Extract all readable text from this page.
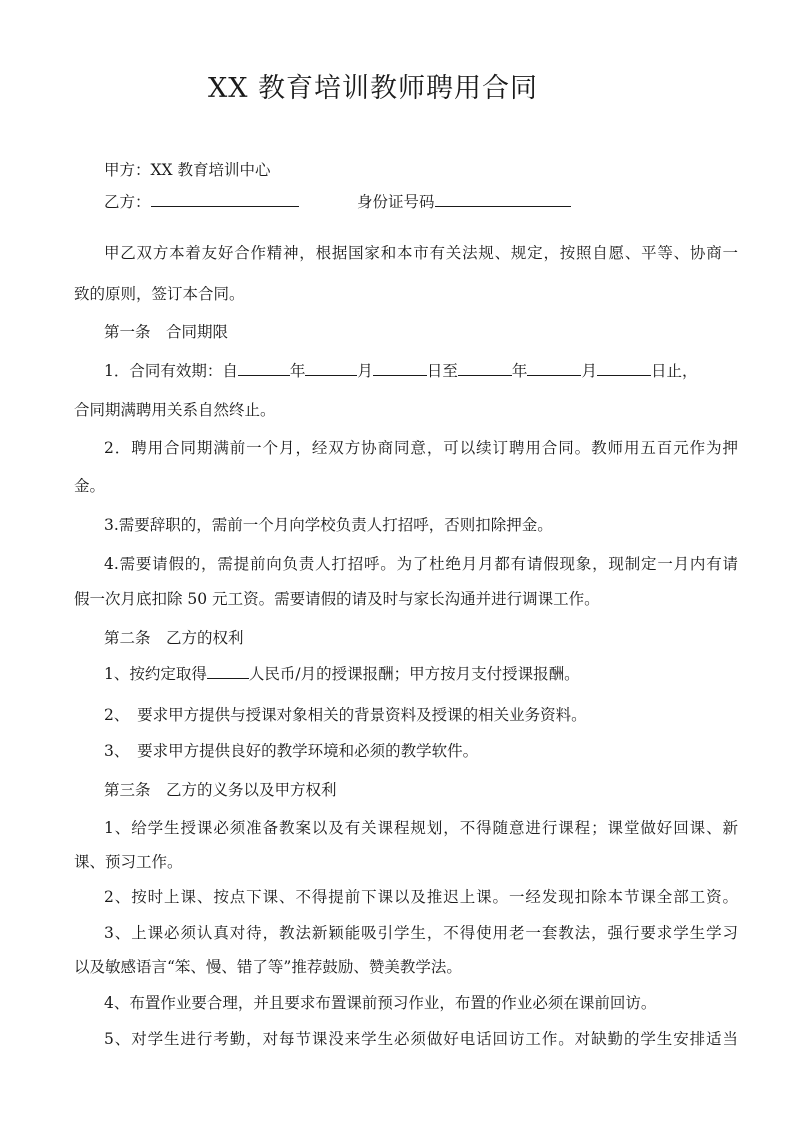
XX 教育培训教师聘用合同
甲方：XX 教育培训中心
乙方：	身份证号码
甲乙双方本着友好合作精神，根据国家和本市有关法规、规定，按照自愿、平等、协商一
致的原则，签订本合同。
第一条　合同期限
1．合同有效期：自	年	月	日至	年	月	日止，
合同期满聘用关系自然终止。
2．聘用合同期满前一个月，经双方协商同意，可以续订聘用合同。教师用五百元作为押
金。
3.需要辞职的，需前一个月向学校负责人打招呼，否则扣除押金。
4.需要请假的，需提前向负责人打招呼。为了杜绝月月都有请假现象，现制定一月内有请
假一次月底扣除 50 元工资。需要请假的请及时与家长沟通并进行调课工作。
第二条　乙方的权利
1、按约定取得	人民币/月的授课报酬；甲方按月支付授课报酬。
2、　要求甲方提供与授课对象相关的背景资料及授课的相关业务资料。
3、　要求甲方提供良好的教学环境和必须的教学软件。
第三条　乙方的义务以及甲方权利
1、给学生授课必须准备教案以及有关课程规划，不得随意进行课程；课堂做好回课、新
课、预习工作。
2、按时上课、按点下课、不得提前下课以及推迟上课。一经发现扣除本节课全部工资。
3、上课必须认真对待，教法新颖能吸引学生，不得使用老一套教法，强行要求学生学习
以及敏感语言“笨、慢、错了等”推荐鼓励、赞美教学法。
4、布置作业要合理，并且要求布置课前预习作业，布置的作业必须在课前回访。
5、对学生进行考勤，对每节课没来学生必须做好电话回访工作。对缺勤的学生安排适当
